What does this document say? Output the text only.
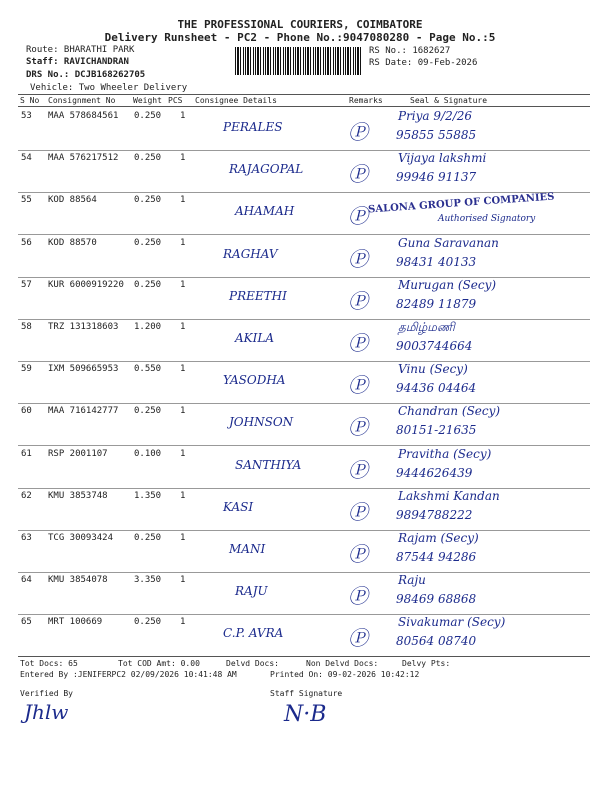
THE PROFESSIONAL COURIERS, COIMBATORE
Delivery Runsheet - PC2 - Phone No.:9047080280 - Page No.:5
Route: BHARATHI PARK
Staff: RAVICHANDRAN
DRS No.: DCJB168262705
Vehicle: Two Wheeler Delivery
RS No.: 1682627
RS Date: 09-Feb-2026
S No Consignment No Weight PCS Consignee Details	Remarks	Seal & Signature
53 MAA 578684561 0.250 1
PERALES	Ⓟ
Priya 9/2/26
95855 55885
54 MAA 576217512 0.250 1
RAJAGOPAL Ⓟ
Vijaya lakshmi
99946 91137
55 KOD 88564	0.250 1
AHAMAH	Ⓟ
SALONA GROUP OF COMPANIES
Authorised Signatory
56 KOD 88570	0.250 1
RAGHAV	Ⓟ
Guna Saravanan
98431 40133
57 KUR 6000919220 0.250 1
PREETHI	Ⓟ
Murugan (Secy)
82489 11879
58 TRZ 131318603 1.200 1
AKILA	Ⓟ
தமிழ்மணி
9003744664
59 IXM 509665953 0.550 1
YASODHA	Ⓟ
Vinu (Secy)
94436 04464
60 MAA 716142777 0.250 1
JOHNSON	Ⓟ
Chandran (Secy)
80151-21635
61 RSP 2001107	0.100 1
SANTHIYA Ⓟ
Pravitha (Secy)
9444626439
62 KMU 3853748	1.350 1
KASI	Ⓟ
Lakshmi Kandan
9894788222
63 TCG 30093424 0.250 1
MANI	Ⓟ
Rajam (Secy)
87544 94286
64 KMU 3854078	3.350 1
RAJU	Ⓟ
Raju
98469 68868
65 MRT 100669	0.250 1
C.P. AVRA	Ⓟ
Sivakumar (Secy)
80564 08740
Tot Docs: 65	Tot COD Amt: 0.00	Delvd Docs:	Non Delvd Docs:	Delvy Pts:
Entered By :JENIFERPC2 02/09/2026 10:41:48 AM	Printed On: 09-02-2026 10:42:12
Verified By	Staff Signature
Jhlw	N·B
